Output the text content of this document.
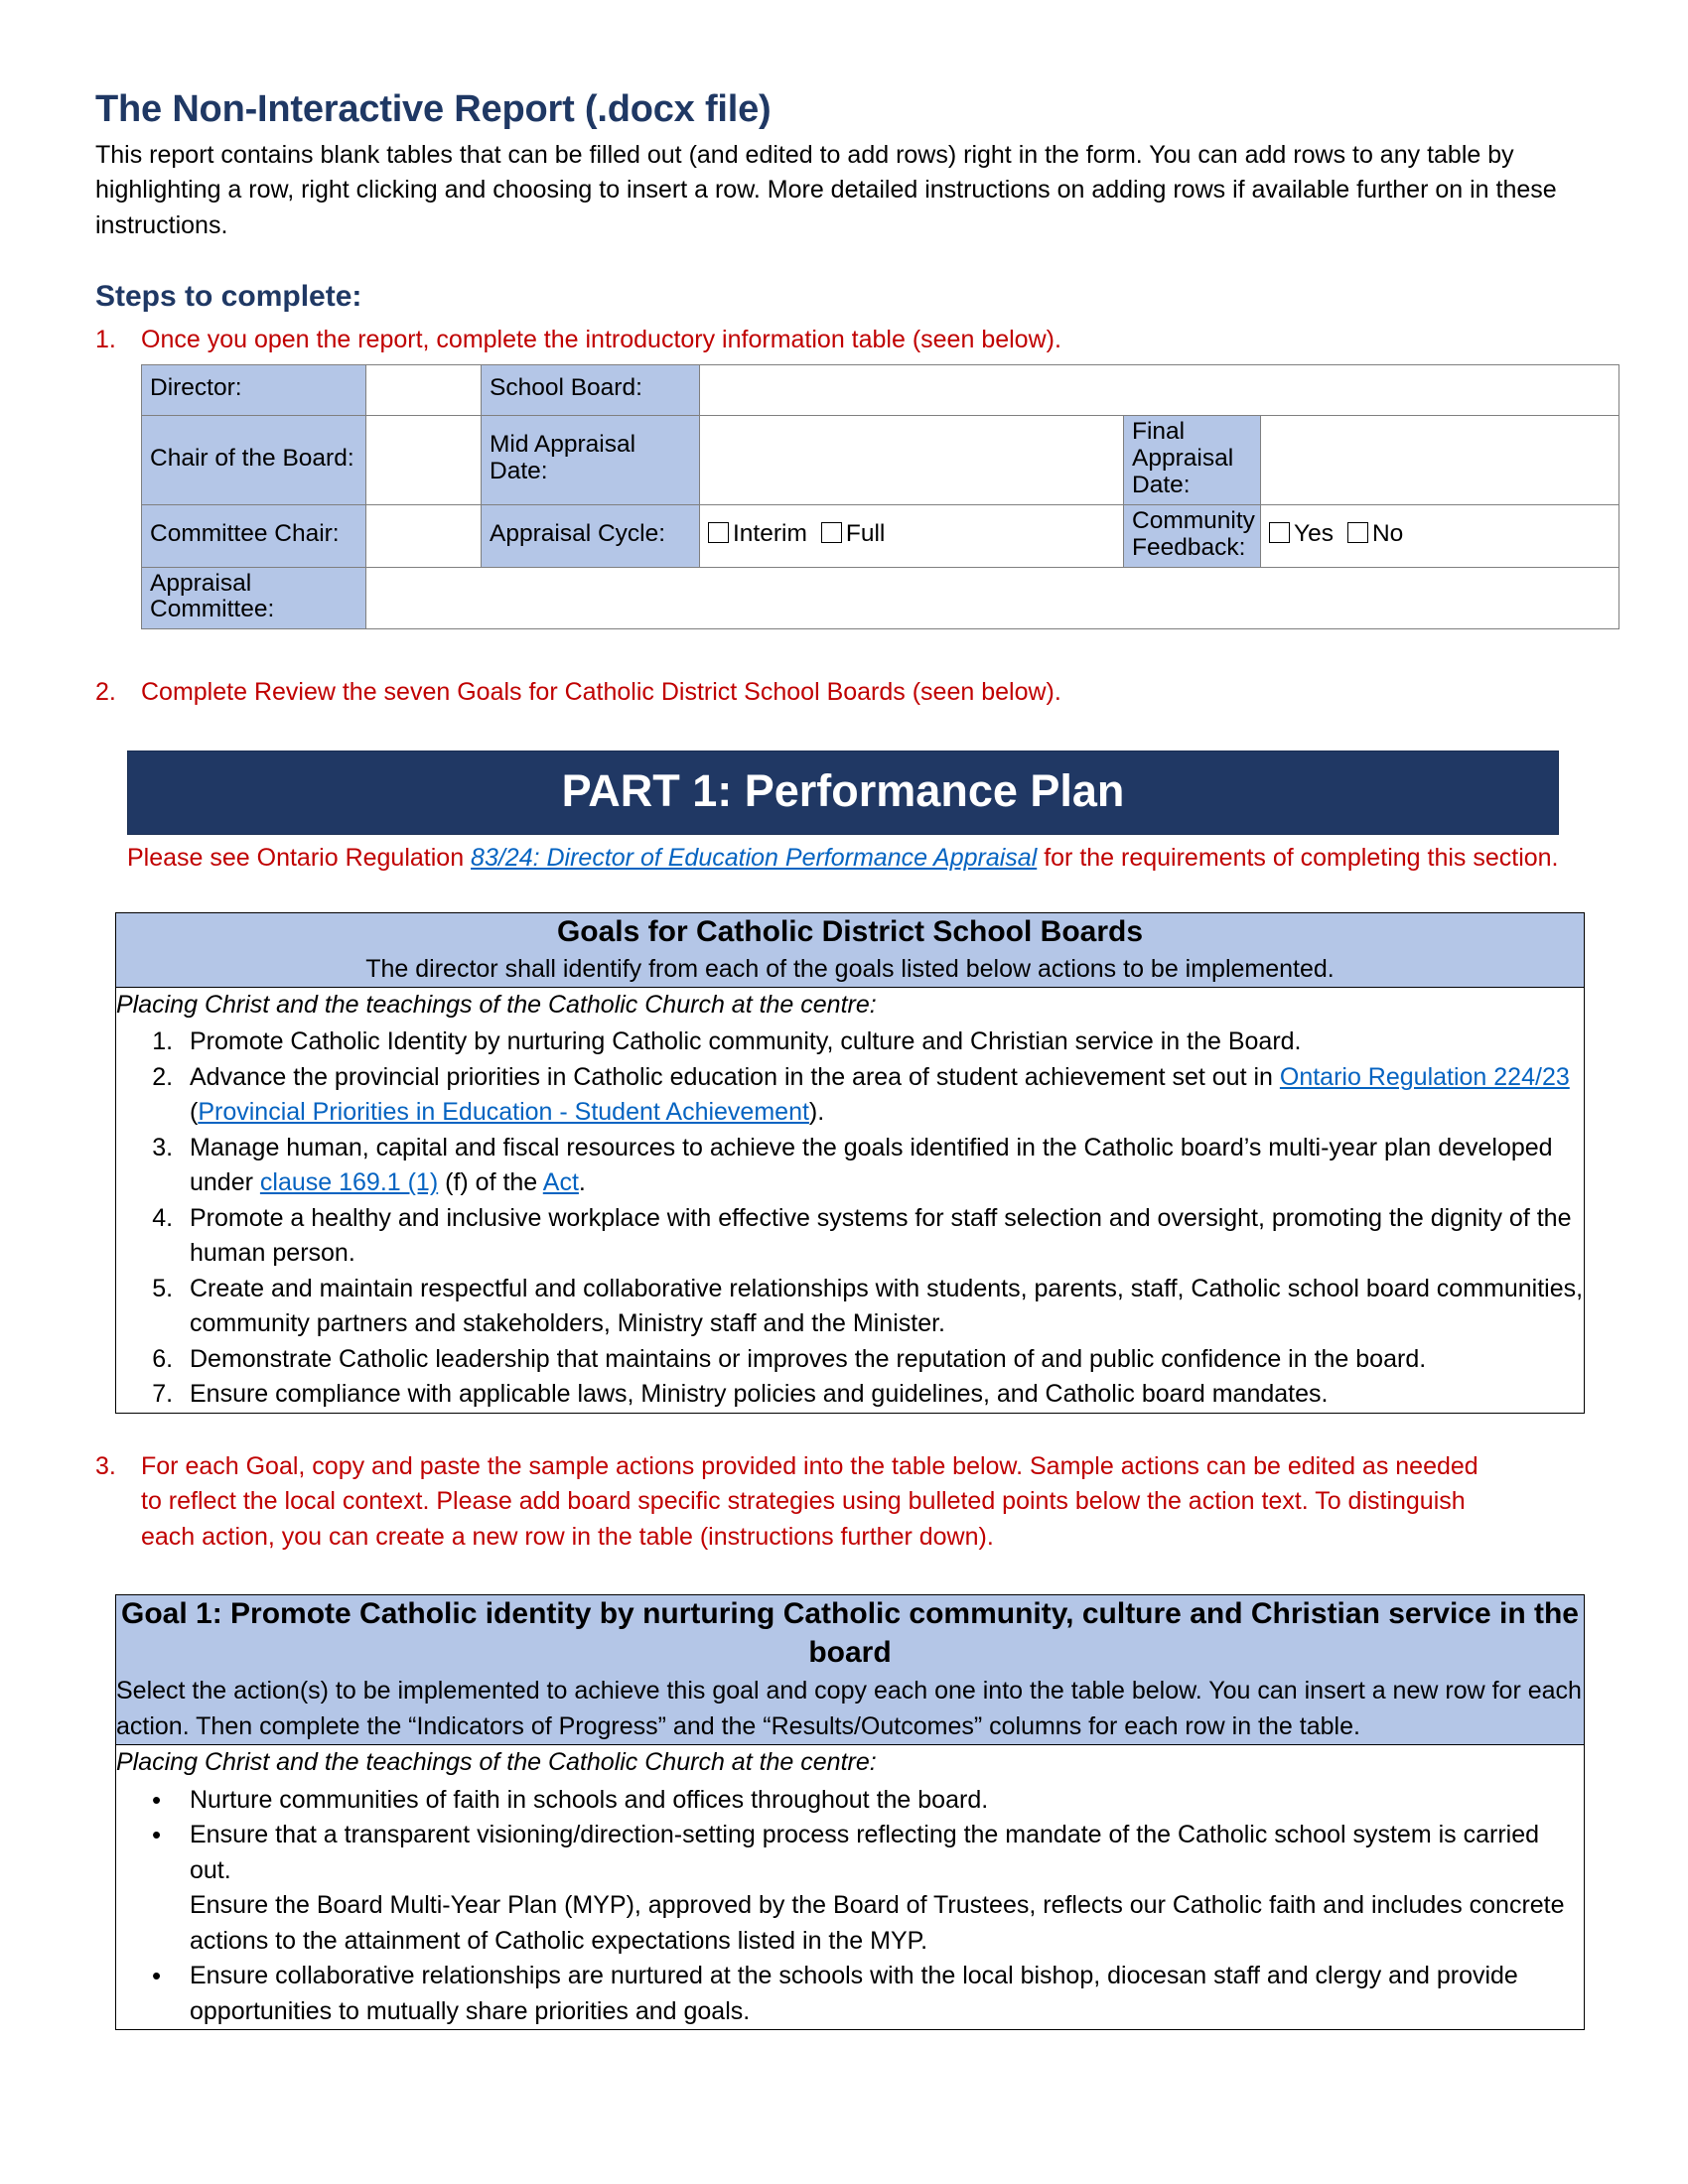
The Non-Interactive Report (.docx file)

This report contains blank tables that can be filled out (and edited to add rows) right in the form. You can add rows to any table by highlighting a row, right clicking and choosing to insert a row. More detailed instructions on adding rows if available further on in these instructions.

Steps to complete:
1.	Once you open the report, complete the introductory information table (seen below).
Director:		School Board:			
Chair of the Board:		Mid Appraisal Date:		Final Appraisal Date:	
Committee Chair:		Appraisal Cycle:	Interim Full	Community Feedback:	Yes No
Appraisal Committee:					
2.	Complete Review the seven Goals for Catholic District School Boards (seen below).
PART 1: Performance Plan
Please see Ontario Regulation 83/24: Director of Education Performance Appraisal for the requirements of completing this section.
Goals for Catholic District School Boards
The director shall identify from each of the goals listed below actions to be implemented.

Placing Christ and the teachings of the Catholic Church at the centre:
1. Promote Catholic Identity by nurturing Catholic community, culture and Christian service in the Board.
2. Advance the provincial priorities in Catholic education in the area of student achievement set out in Ontario Regulation 224/23 (Provincial Priorities in Education - Student Achievement).
3. Manage human, capital and fiscal resources to achieve the goals identified in the Catholic board’s multi-year plan developed under clause 169.1 (1) (f) of the Act.
4. Promote a healthy and inclusive workplace with effective systems for staff selection and oversight, promoting the dignity of the human person.
5. Create and maintain respectful and collaborative relationships with students, parents, staff, Catholic school board communities, community partners and stakeholders, Ministry staff and the Minister.
6. Demonstrate Catholic leadership that maintains or improves the reputation of and public confidence in the board.
7. Ensure compliance with applicable laws, Ministry policies and guidelines, and Catholic board mandates.
3.	For each Goal, copy and paste the sample actions provided into the table below. Sample actions can be edited as needed to reflect the local context. Please add board specific strategies using bulleted points below the action text. To distinguish each action, you can create a new row in the table (instructions further down).
Goal 1: Promote Catholic identity by nurturing Catholic community, culture and Christian service in the board
Select the action(s) to be implemented to achieve this goal and copy each one into the table below. You can insert a new row for each action. Then complete the “Indicators of Progress” and the “Results/Outcomes” columns for each row in the table.

Placing Christ and the teachings of the Catholic Church at the centre:
• Nurture communities of faith in schools and offices throughout the board.
• Ensure that a transparent visioning/direction-setting process reflecting the mandate of the Catholic school system is carried out.
Ensure the Board Multi-Year Plan (MYP), approved by the Board of Trustees, reflects our Catholic faith and includes concrete actions to the attainment of Catholic expectations listed in the MYP.
• Ensure collaborative relationships are nurtured at the schools with the local bishop, diocesan staff and clergy and provide opportunities to mutually share priorities and goals.
